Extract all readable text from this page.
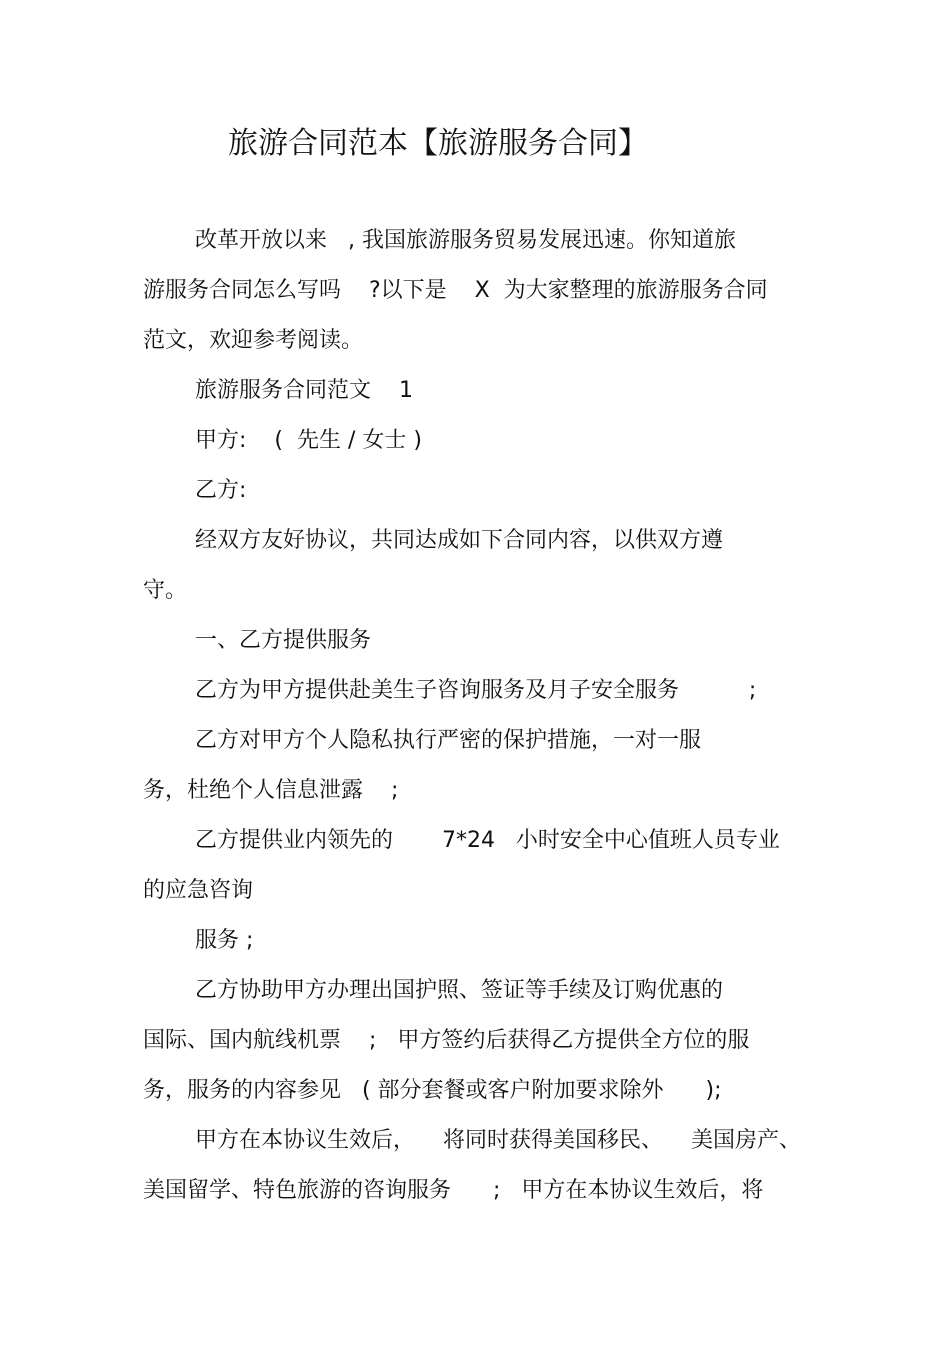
旅游合同范本【旅游服务合同】
改革开放以来   , 我国旅游服务贸易发展迅速。你知道旅
游服务合同怎么写吗    ?以下是    X  为大家整理的旅游服务合同
范文，欢迎参考阅读。
旅游服务合同范文    1
甲方:    (  先生 / 女士 )
乙方:
经双方友好协议，共同达成如下合同内容，以供双方遵
守。
一、乙方提供服务
乙方为甲方提供赴美生子咨询服务及月子安全服务          ;
乙方对甲方个人隐私执行严密的保护措施，一对一服
务，杜绝个人信息泄露    ;
乙方提供业内领先的       7*24   小时安全中心值班人员专业
的应急咨询
服务 ;
乙方协助甲方办理出国护照、签证等手续及订购优惠的
国际、国内航线机票    ;   甲方签约后获得乙方提供全方位的服
务，服务的内容参见   ( 部分套餐或客户附加要求除外      );
甲方在本协议生效后，    将同时获得美国移民、    美国房产、
美国留学、特色旅游的咨询服务      ;   甲方在本协议生效后，将
